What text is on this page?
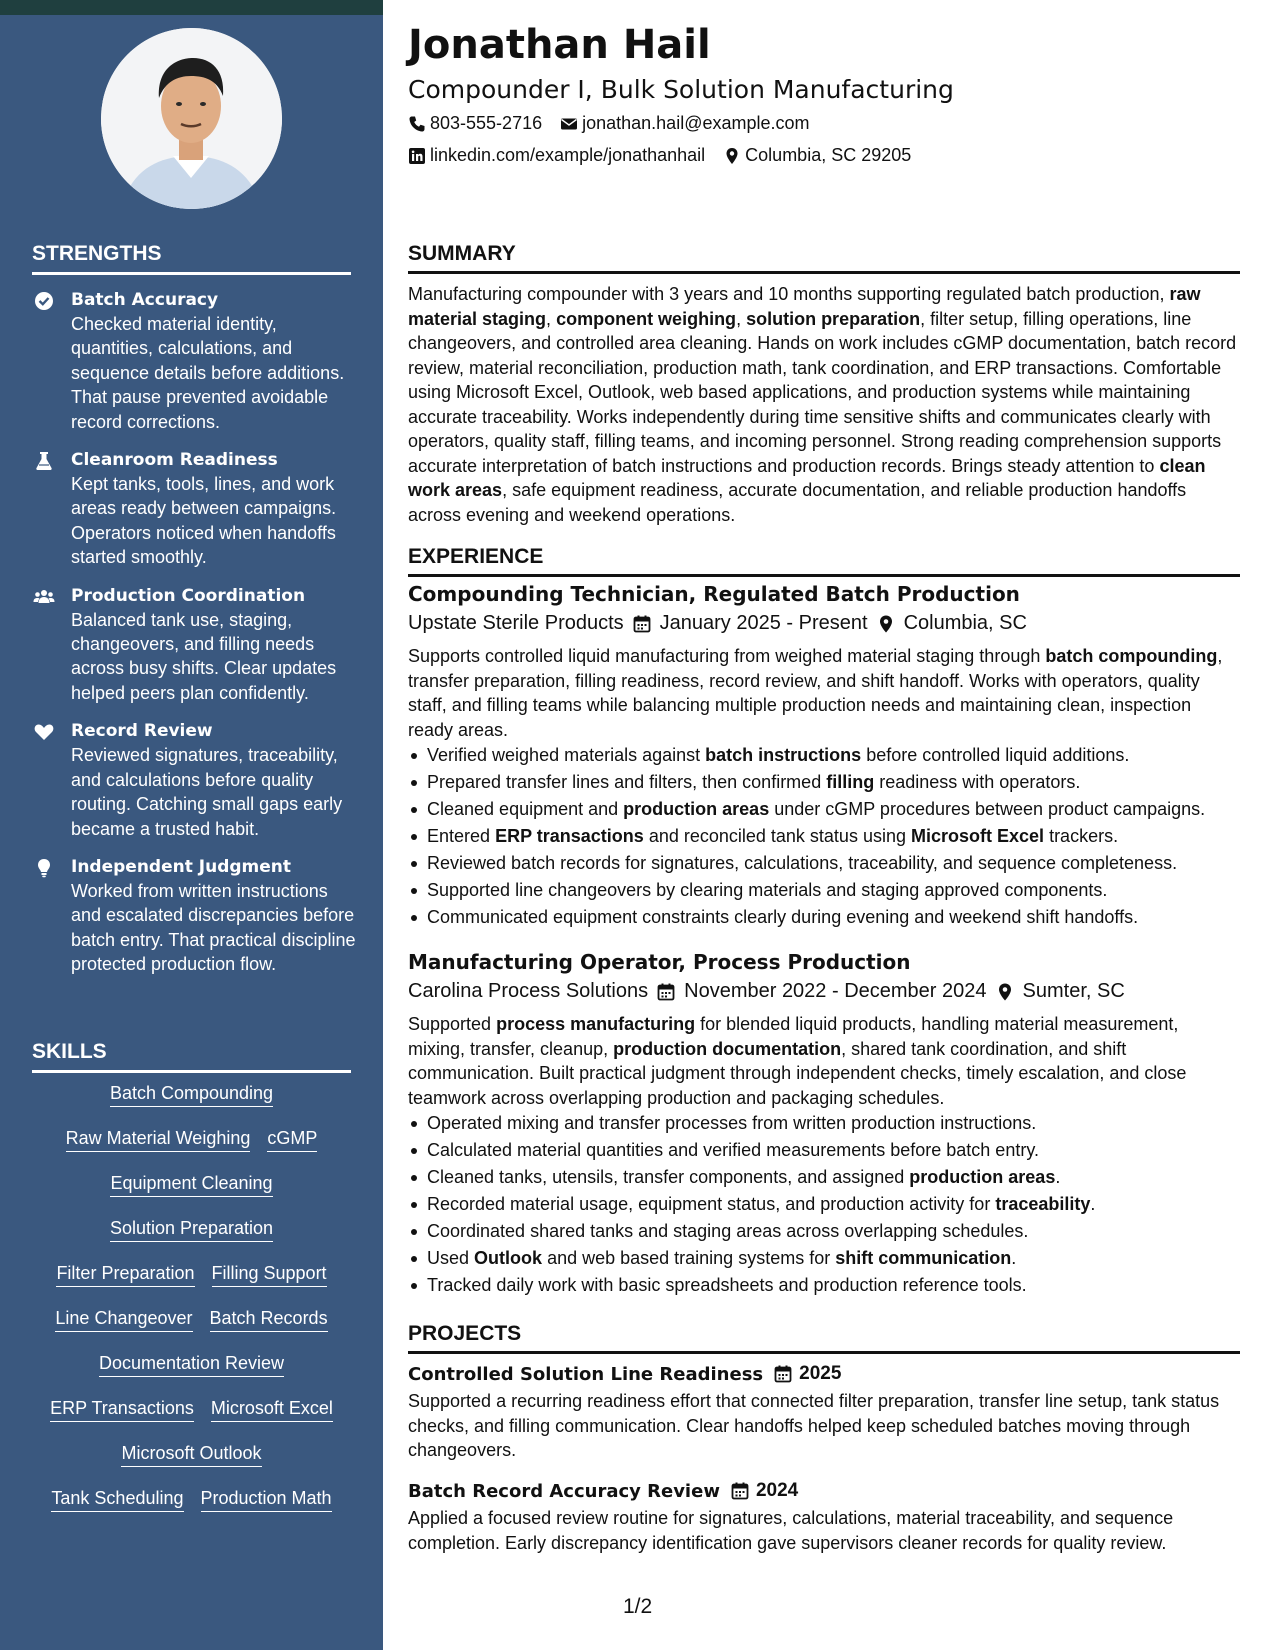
STRENGTHS
Batch Accuracy
Checked material identity, quantities, calculations, and sequence details before additions. That pause prevented avoidable record corrections.
Cleanroom Readiness
Kept tanks, tools, lines, and work areas ready between campaigns. Operators noticed when handoffs started smoothly.
Production Coordination
Balanced tank use, staging, changeovers, and filling needs across busy shifts. Clear updates helped peers plan confidently.
Record Review
Reviewed signatures, traceability, and calculations before quality routing. Catching small gaps early became a trusted habit.
Independent Judgment
Worked from written instructions and escalated discrepancies before batch entry. That practical discipline protected production flow.
SKILLS
Batch Compounding
Raw Material Weighing cGMP
Equipment Cleaning
Solution Preparation
Filter Preparation Filling Support
Line Changeover Batch Records
Documentation Review
ERP Transactions Microsoft Excel
Microsoft Outlook
Tank Scheduling Production Math
Jonathan Hail
Compounder I, Bulk Solution Manufacturing
803-555-2716 jonathan.hail@example.com
linkedin.com/example/jonathanhail Columbia, SC 29205
SUMMARY
Manufacturing compounder with 3 years and 10 months supporting regulated batch production, raw material staging, component weighing, solution preparation, filter setup, filling operations, line changeovers, and controlled area cleaning. Hands on work includes cGMP documentation, batch record review, material reconciliation, production math, tank coordination, and ERP transactions. Comfortable using Microsoft Excel, Outlook, web based applications, and production systems while maintaining accurate traceability. Works independently during time sensitive shifts and communicates clearly with operators, quality staff, filling teams, and incoming personnel. Strong reading comprehension supports accurate interpretation of batch instructions and production records. Brings steady attention to clean work areas, safe equipment readiness, accurate documentation, and reliable production handoffs across evening and weekend operations.
EXPERIENCE
Compounding Technician, Regulated Batch Production
Upstate Sterile Products January 2025 - Present Columbia, SC
Supports controlled liquid manufacturing from weighed material staging through batch compounding, transfer preparation, filling readiness, record review, and shift handoff. Works with operators, quality staff, and filling teams while balancing multiple production needs and maintaining clean, inspection ready areas.
Verified weighed materials against batch instructions before controlled liquid additions.
Prepared transfer lines and filters, then confirmed filling readiness with operators.
Cleaned equipment and production areas under cGMP procedures between product campaigns.
Entered ERP transactions and reconciled tank status using Microsoft Excel trackers.
Reviewed batch records for signatures, calculations, traceability, and sequence completeness.
Supported line changeovers by clearing materials and staging approved components.
Communicated equipment constraints clearly during evening and weekend shift handoffs.
Manufacturing Operator, Process Production
Carolina Process Solutions November 2022 - December 2024 Sumter, SC
Supported process manufacturing for blended liquid products, handling material measurement, mixing, transfer, cleanup, production documentation, shared tank coordination, and shift communication. Built practical judgment through independent checks, timely escalation, and close teamwork across overlapping production and packaging schedules.
Operated mixing and transfer processes from written production instructions.
Calculated material quantities and verified measurements before batch entry.
Cleaned tanks, utensils, transfer components, and assigned production areas.
Recorded material usage, equipment status, and production activity for traceability.
Coordinated shared tanks and staging areas across overlapping schedules.
Used Outlook and web based training systems for shift communication.
Tracked daily work with basic spreadsheets and production reference tools.
PROJECTS
Controlled Solution Line Readiness 2025
Supported a recurring readiness effort that connected filter preparation, transfer line setup, tank status checks, and filling communication. Clear handoffs helped keep scheduled batches moving through changeovers.
Batch Record Accuracy Review 2024
Applied a focused review routine for signatures, calculations, material traceability, and sequence completion. Early discrepancy identification gave supervisors cleaner records for quality review.
1/2
